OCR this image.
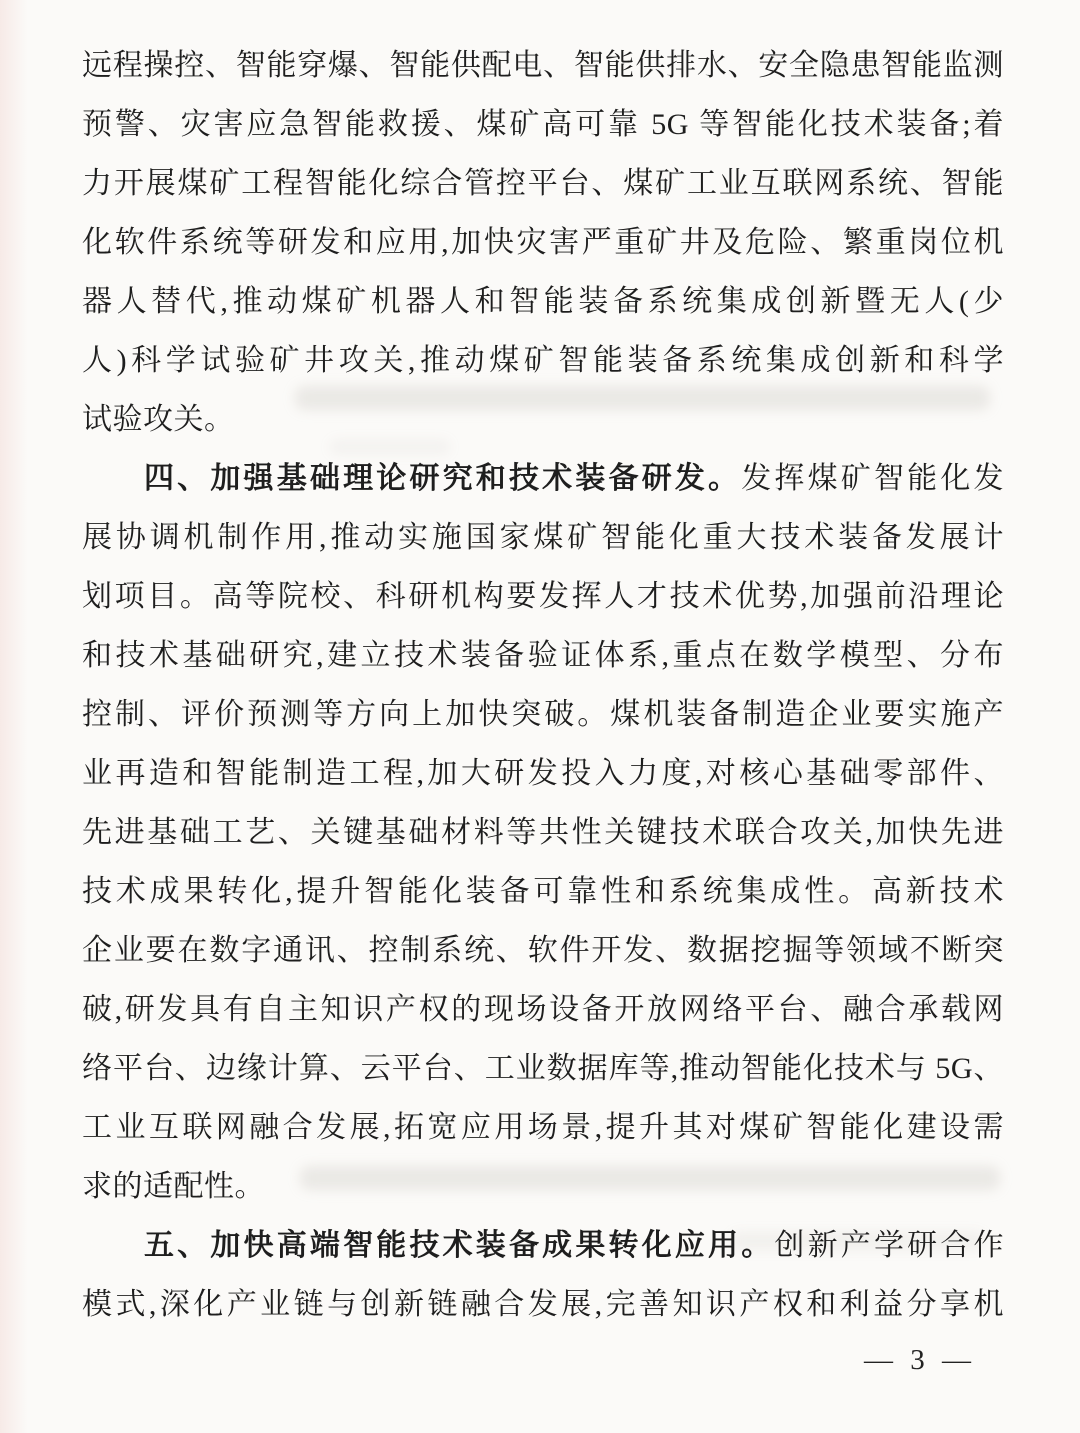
远程操控、智能穿爆、智能供配电、智能供排水、安全隐患智能监测
预警、灾害应急智能救援、煤矿高可靠 5G 等智能化技术装备;着
力开展煤矿工程智能化综合管控平台、煤矿工业互联网系统、智能
化软件系统等研发和应用,加快灾害严重矿井及危险、繁重岗位机
器人替代,推动煤矿机器人和智能装备系统集成创新暨无人(少
人)科学试验矿井攻关,推动煤矿智能装备系统集成创新和科学
试验攻关。
四、加强基础理论研究和技术装备研发。发挥煤矿智能化发
展协调机制作用,推动实施国家煤矿智能化重大技术装备发展计
划项目。高等院校、科研机构要发挥人才技术优势,加强前沿理论
和技术基础研究,建立技术装备验证体系,重点在数学模型、分布
控制、评价预测等方向上加快突破。煤机装备制造企业要实施产
业再造和智能制造工程,加大研发投入力度,对核心基础零部件、
先进基础工艺、关键基础材料等共性关键技术联合攻关,加快先进
技术成果转化,提升智能化装备可靠性和系统集成性。高新技术
企业要在数字通讯、控制系统、软件开发、数据挖掘等领域不断突
破,研发具有自主知识产权的现场设备开放网络平台、融合承载网
络平台、边缘计算、云平台、工业数据库等,推动智能化技术与 5G、
工业互联网融合发展,拓宽应用场景,提升其对煤矿智能化建设需
求的适配性。
五、加快高端智能技术装备成果转化应用。创新产学研合作
模式,深化产业链与创新链融合发展,完善知识产权和利益分享机
— 3 —
